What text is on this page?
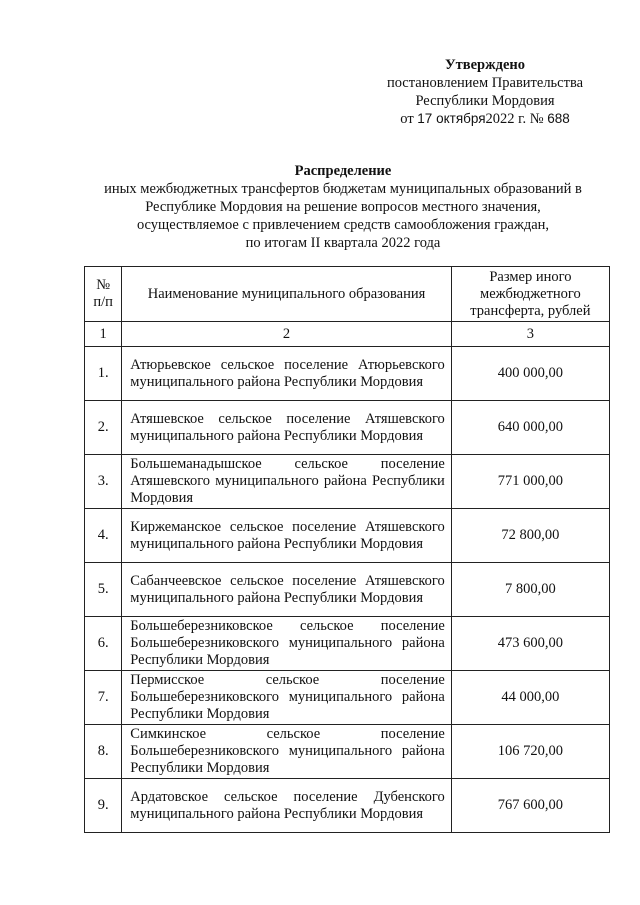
Утверждено
постановлением Правительства
Республики Мордовия
от 17 октября2022 г. № 688
Распределение
иных межбюджетных трансфертов бюджетам муниципальных образований в
Республике Мордовия на решение вопросов местного значения,
осуществляемое с привлечением средств самообложения граждан,
по итогам II квартала 2022 года
№ п/п	Наименование муниципального образования	Размер иного межбюджетного трансферта, рублей
1	2	3
1.	Атюрьевское сельское поселение Атюрьевского муниципального района Республики Мордовия	400 000,00
2.	Атяшевское сельское поселение Атяшевского муниципального района Республики Мордовия	640 000,00
3.	Большеманадышское сельское поселение Атяшевского муниципального района Республики Мордовия	771 000,00
4.	Киржеманское сельское поселение Атяшевского муниципального района Республики Мордовия	72 800,00
5.	Сабанчеевское сельское поселение Атяшевского муниципального района Республики Мордовия	7 800,00
6.	Большеберезниковское сельское поселение Большеберезниковского муниципального района Республики Мордовия	473 600,00
7.	Пермисское сельское поселение Большеберезниковского муниципального района Республики Мордовия	44 000,00
8.	Симкинское сельское поселение Большеберезниковского муниципального района Республики Мордовия	106 720,00
9.	Ардатовское сельское поселение Дубенского муниципального района Республики Мордовия	767 600,00
